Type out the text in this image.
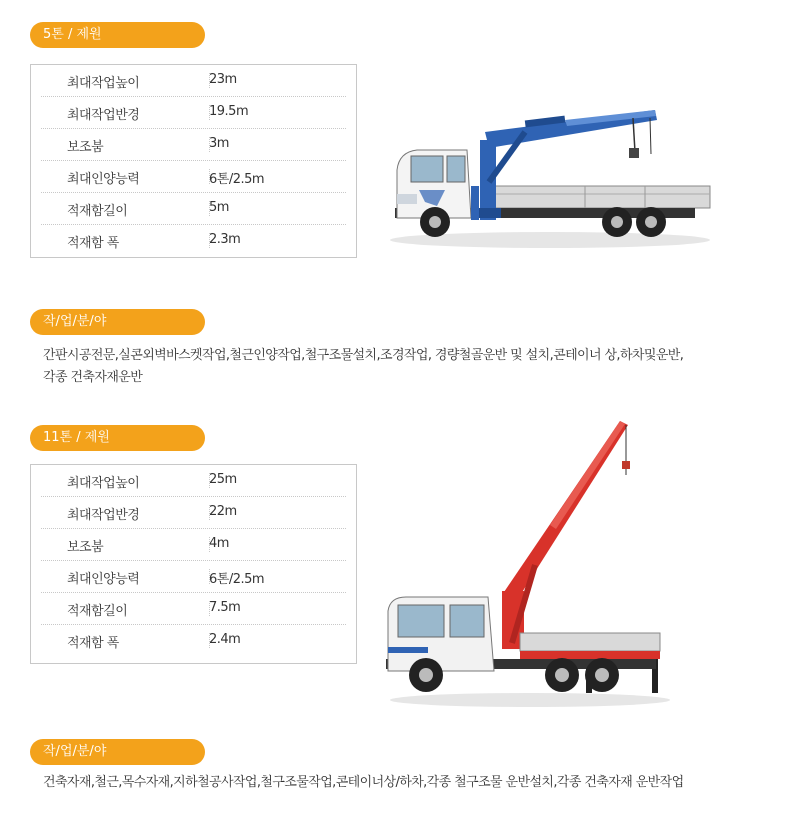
5톤 / 제원
최대작업높이	23m
최대작업반경	19.5m
보조붐	3m
최대인양능력	6톤/2.5m
적재함길이	5m
적재함 폭	2.3m
작/업/분/야
간판시공전문,실콘외벽바스켓작업,철근인양작업,철구조물설치,조경작업, 경량철골운반 및 설치,콘테이너 상,하차및운반,
각종 건축자재운반
11톤 / 제원
최대작업높이	25m
최대작업반경	22m
보조붐	4m
최대인양능력	6톤/2.5m
적재함길이	7.5m
적재함 폭	2.4m
작/업/분/야
건축자재,철근,목수자재,지하철공사작업,철구조물작업,콘테이너상/하차,각종 철구조물 운반설치,각종 건축자재 운반작업
